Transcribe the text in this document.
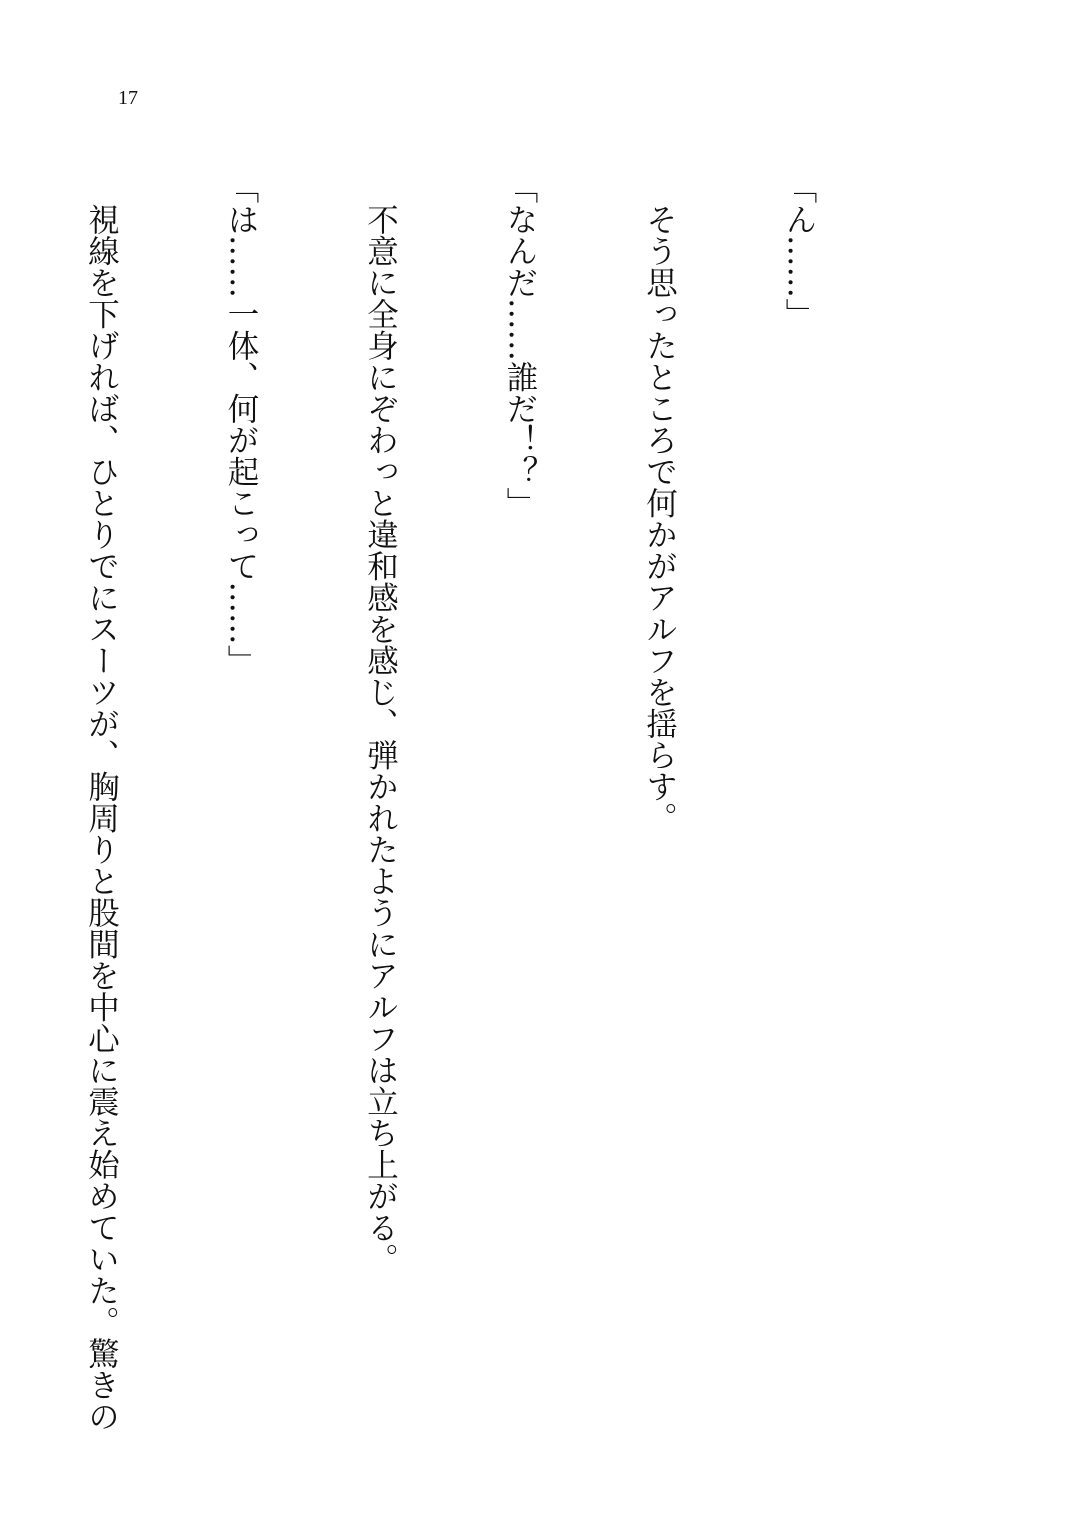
17

「ん……」

　そう思ったところで何かがアルフを揺らす。

「なんだ……誰だ！？」

　不意に全身にぞわっと違和感を感じ、弾かれたようにアルフは立ち上がる。

「は……一体、何が起こって……」

　視線を下げれば、ひとりでにスーツが、胸周りと股間を中心に震え始めていた。驚きの
